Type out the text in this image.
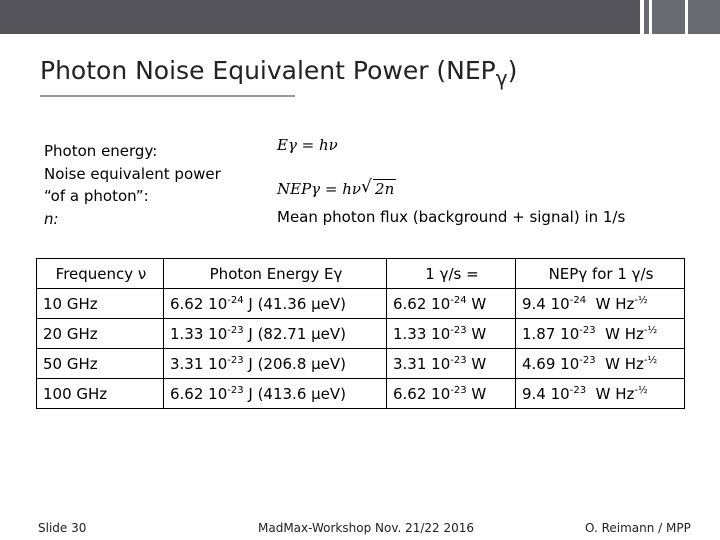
Photon Noise Equivalent Power $(NEP_\gamma)$
Photon energy:
Noise equivalent power
“of a photon”:
n:
Eγ = hν
NEPγ = hν √ 2n
Mean photon flux (background + signal) in 1/s
Frequency ν	Photon Energy Eγ	1 γ/s =	NEPγ for 1 γ/s
10 GHz	6.62 $10^{-24}$ J (41.36 μeV)	6.62 $10^{-24}$ W	9.4 $10^{-24}$  W $Hz^{-\frac{1}{2}}$
20 GHz	1.33 $10^{-23}$ J (82.71 μeV)	1.33 $10^{-23}$ W	1.87 $10^{-23}$  W $Hz^{-\frac{1}{2}}$
50 GHz	3.31 $10^{-23}$ J (206.8 μeV)	3.31 $10^{-23}$ W	4.69 $10^{-23}$  W $Hz^{-\frac{1}{2}}$
100 GHz	6.62 $10^{-23}$ J (413.6 μeV)	6.62 $10^{-23}$ W	9.4 $10^{-23}$  W $Hz^{-\frac{1}{2}}$
Slide 30	MadMax-Workshop Nov. 21/22 2016	O. Reimann / MPP
